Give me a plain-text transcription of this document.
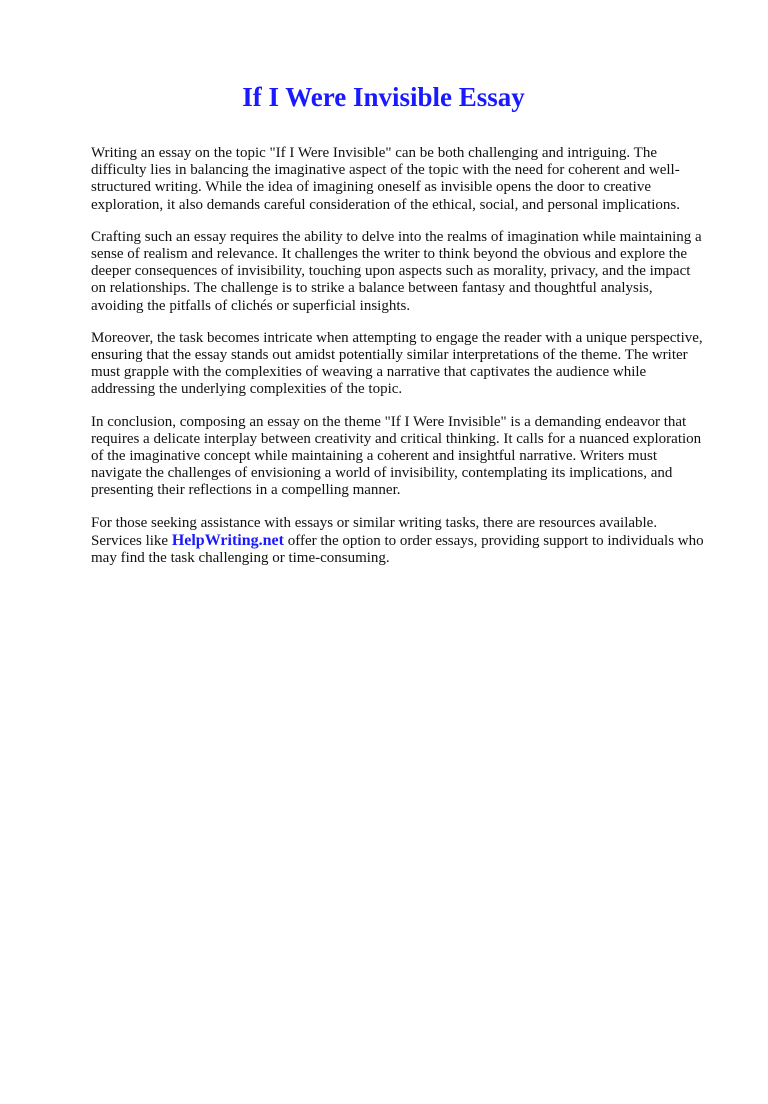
If I Were Invisible Essay

Writing an essay on the topic "If I Were Invisible" can be both challenging and intriguing. The difficulty lies in balancing the imaginative aspect of the topic with the need for coherent and well-structured writing. While the idea of imagining oneself as invisible opens the door to creative exploration, it also demands careful consideration of the ethical, social, and personal implications.

Crafting such an essay requires the ability to delve into the realms of imagination while maintaining a sense of realism and relevance. It challenges the writer to think beyond the obvious and explore the deeper consequences of invisibility, touching upon aspects such as morality, privacy, and the impact on relationships. The challenge is to strike a balance between fantasy and thoughtful analysis, avoiding the pitfalls of clichés or superficial insights.

Moreover, the task becomes intricate when attempting to engage the reader with a unique perspective, ensuring that the essay stands out amidst potentially similar interpretations of the theme. The writer must grapple with the complexities of weaving a narrative that captivates the audience while addressing the underlying complexities of the topic.

In conclusion, composing an essay on the theme "If I Were Invisible" is a demanding endeavor that requires a delicate interplay between creativity and critical thinking. It calls for a nuanced exploration of the imaginative concept while maintaining a coherent and insightful narrative. Writers must navigate the challenges of envisioning a world of invisibility, contemplating its implications, and presenting their reflections in a compelling manner.

For those seeking assistance with essays or similar writing tasks, there are resources available. Services like HelpWriting.net offer the option to order essays, providing support to individuals who may find the task challenging or time-consuming.
